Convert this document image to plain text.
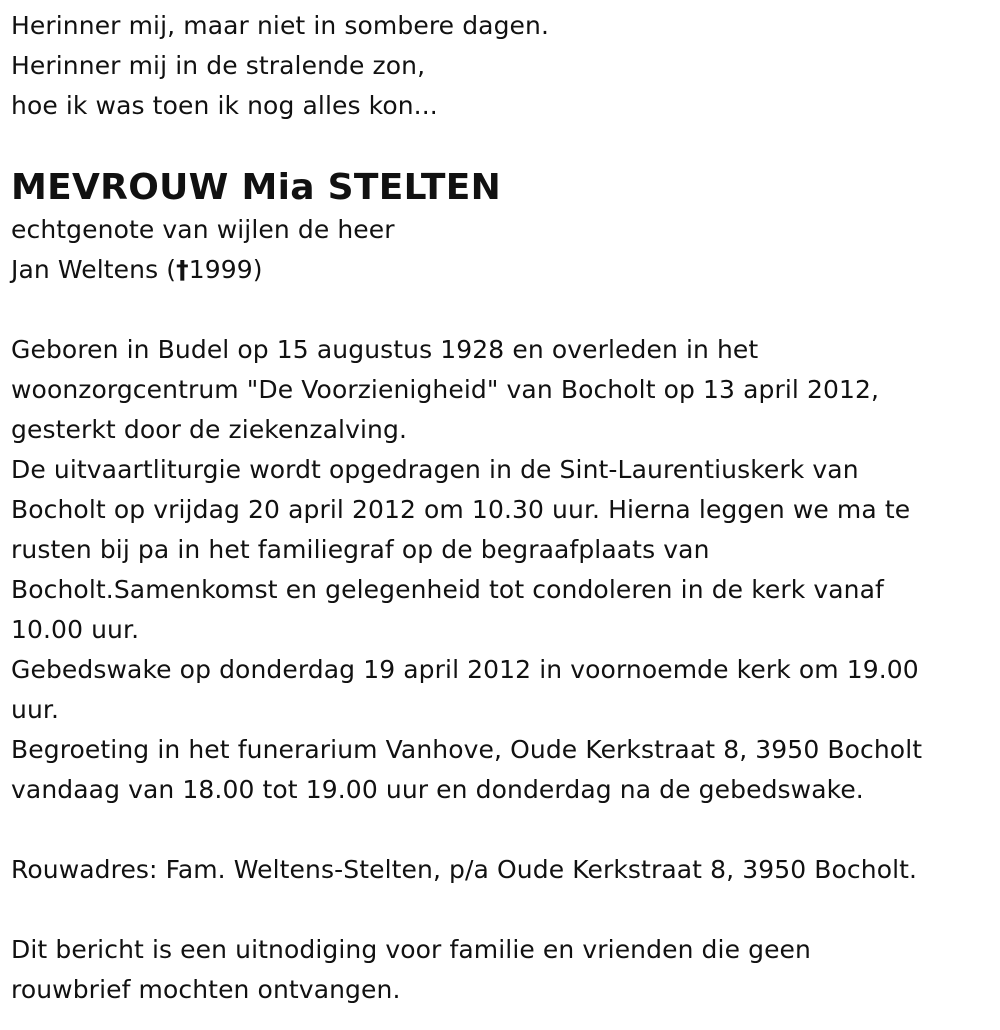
Herinner mij, maar niet in sombere dagen.
Herinner mij in de stralende zon,
hoe ik was toen ik nog alles kon...
MEVROUW Mia STELTEN
echtgenote van wijlen de heer
Jan Weltens (†1999)
Geboren in Budel op 15 augustus 1928 en overleden in het
woonzorgcentrum "De Voorzienigheid" van Bocholt op 13 april 2012,
gesterkt door de ziekenzalving.
De uitvaartliturgie wordt opgedragen in de Sint-Laurentiuskerk van
Bocholt op vrijdag 20 april 2012 om 10.30 uur. Hierna leggen we ma te
rusten bij pa in het familiegraf op de begraafplaats van
Bocholt.Samenkomst en gelegenheid tot condoleren in de kerk vanaf
10.00 uur.
Gebedswake op donderdag 19 april 2012 in voornoemde kerk om 19.00
uur.
Begroeting in het funerarium Vanhove, Oude Kerkstraat 8, 3950 Bocholt
vandaag van 18.00 tot 19.00 uur en donderdag na de gebedswake.
Rouwadres: Fam. Weltens-Stelten, p/a Oude Kerkstraat 8, 3950 Bocholt.
Dit bericht is een uitnodiging voor familie en vrienden die geen
rouwbrief mochten ontvangen.
